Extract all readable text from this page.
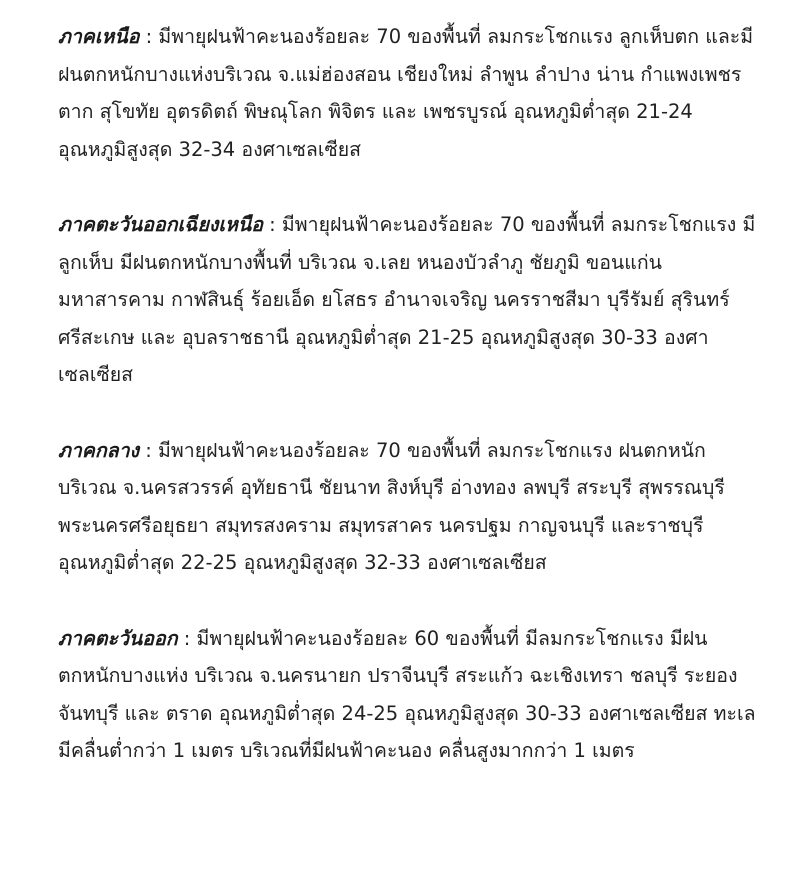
ภาคเหนือ : มีพายุฝนฟ้าคะนองร้อยละ 70 ของพื้นที่ ลมกระโชกแรง ลูกเห็บตก และมีฝนตกหนักบางแห่งบริเวณ จ.แม่ฮ่องสอน เชียงใหม่ ลำพูน ลำปาง น่าน กำแพงเพชร ตาก สุโขทัย อุตรดิตถ์ พิษณุโลก พิจิตร และ เพชรบูรณ์ อุณหภูมิต่ำสุด 21-24 อุณหภูมิสูงสุด 32-34 องศาเซลเซียส

ภาคตะวันออกเฉียงเหนือ : มีพายุฝนฟ้าคะนองร้อยละ 70 ของพื้นที่ ลมกระโชกแรง มีลูกเห็บ มีฝนตกหนักบางพื้นที่ บริเวณ จ.เลย หนองบัวลำภู ชัยภูมิ ขอนแก่น มหาสารคาม กาฬสินธุ์ ร้อยเอ็ด ยโสธร อำนาจเจริญ นครราชสีมา บุรีรัมย์ สุรินทร์ ศรีสะเกษ และ อุบลราชธานี อุณหภูมิต่ำสุด 21-25 อุณหภูมิสูงสุด 30-33 องศาเซลเซียส

ภาคกลาง : มีพายุฝนฟ้าคะนองร้อยละ 70 ของพื้นที่ ลมกระโชกแรง ฝนตกหนักบริเวณ จ.นครสวรรค์ อุทัยธานี ชัยนาท สิงห์บุรี อ่างทอง ลพบุรี สระบุรี สุพรรณบุรี พระนครศรีอยุธยา สมุทรสงคราม สมุทรสาคร นครปฐม กาญจนบุรี และราชบุรี อุณหภูมิต่ำสุด 22-25 อุณหภูมิสูงสุด 32-33 องศาเซลเซียส

ภาคตะวันออก : มีพายุฝนฟ้าคะนองร้อยละ 60 ของพื้นที่ มีลมกระโชกแรง มีฝนตกหนักบางแห่ง บริเวณ จ.นครนายก ปราจีนบุรี สระแก้ว ฉะเชิงเทรา ชลบุรี ระยอง จันทบุรี และ ตราด อุณหภูมิต่ำสุด 24-25 อุณหภูมิสูงสุด 30-33 องศาเซลเซียส ทะเลมีคลื่นต่ำกว่า 1 เมตร บริเวณที่มีฝนฟ้าคะนอง คลื่นสูงมากกว่า 1 เมตร
